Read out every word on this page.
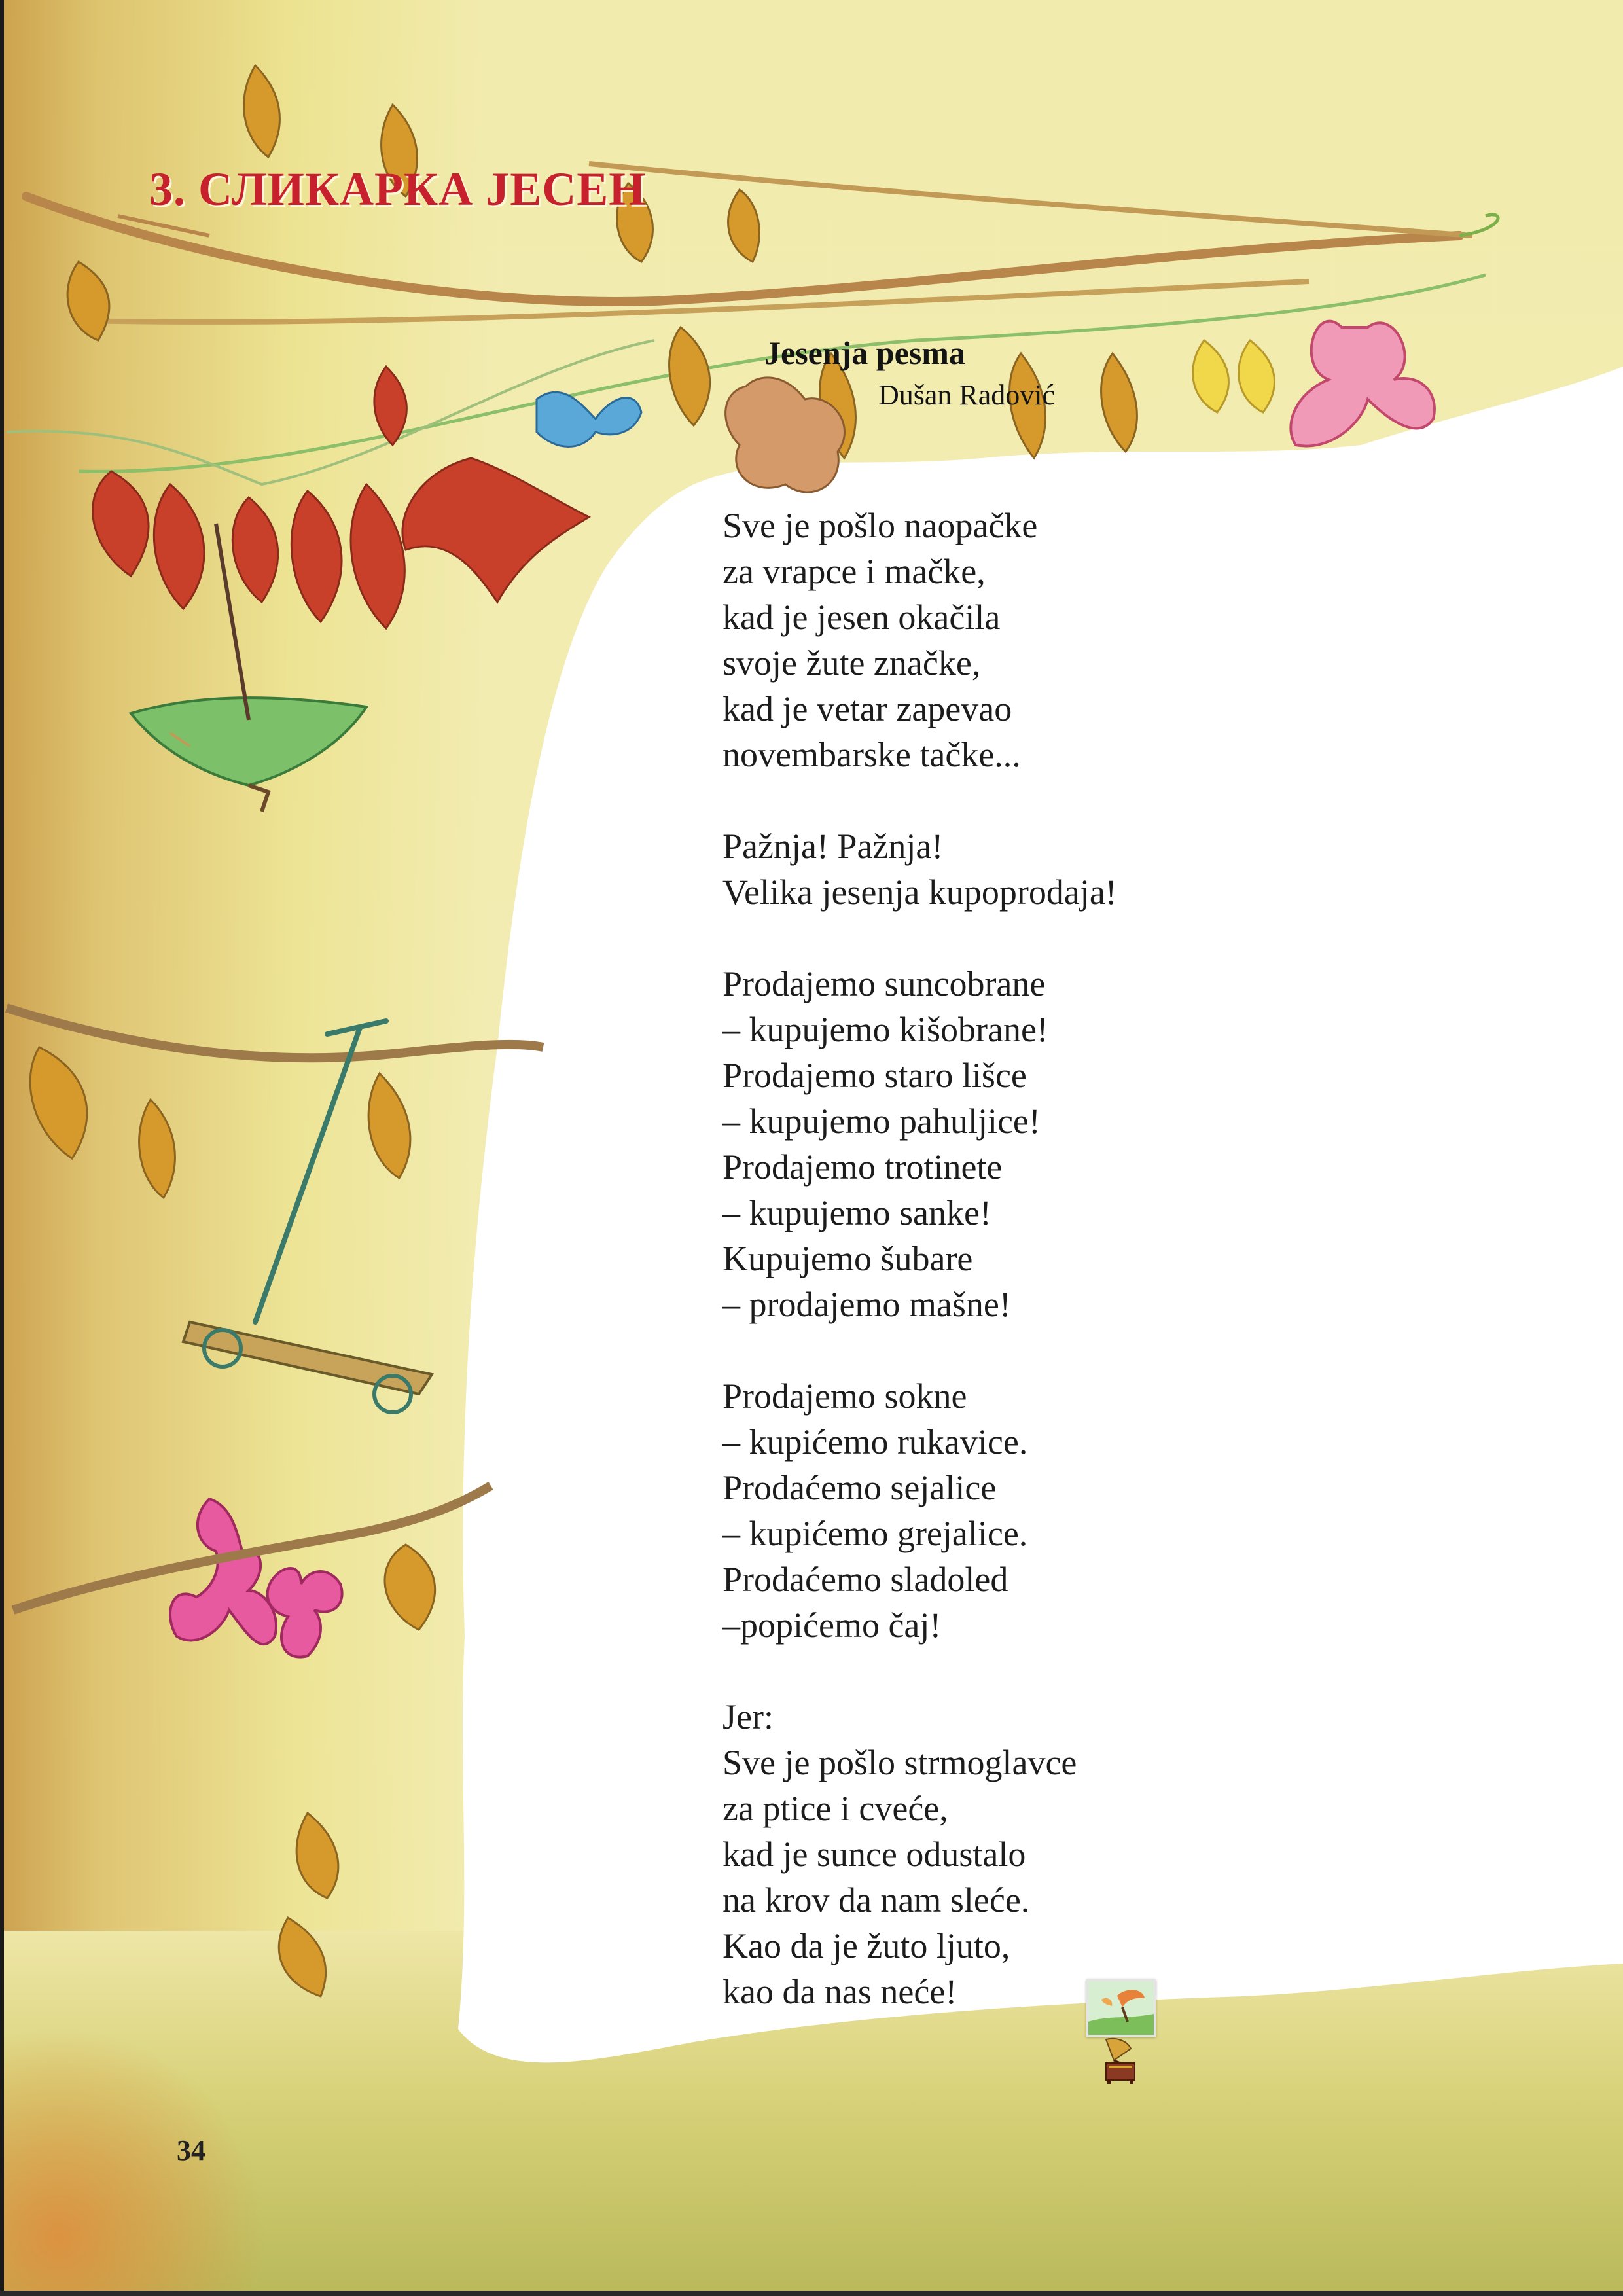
3. СЛИКАРКА ЈЕСЕН
Jesenja pesma
Dušan Radović
Sve je pošlo naopačke
za vrapce i mačke,
kad je jesen okačila
svoje žute značke,
kad je vetar zapevao
novembarske tačke...
Pažnja! Pažnja!
Velika jesenja kupoprodaja!
Prodajemo suncobrane
– kupujemo kišobrane!
Prodajemo staro lišce
– kupujemo pahuljice!
Prodajemo trotinete
– kupujemo sanke!
Kupujemo šubare
– prodajemo mašne!
Prodajemo sokne
– kupićemo rukavice.
Prodaćemo sejalice
– kupićemo grejalice.
Prodaćemo sladoled
–popićemo čaj!
Jer:
Sve je pošlo strmoglavce
za ptice i cveće,
kad je sunce odustalo
na krov da nam sleće.
Kao da je žuto ljuto,
kao da nas neće!
34
